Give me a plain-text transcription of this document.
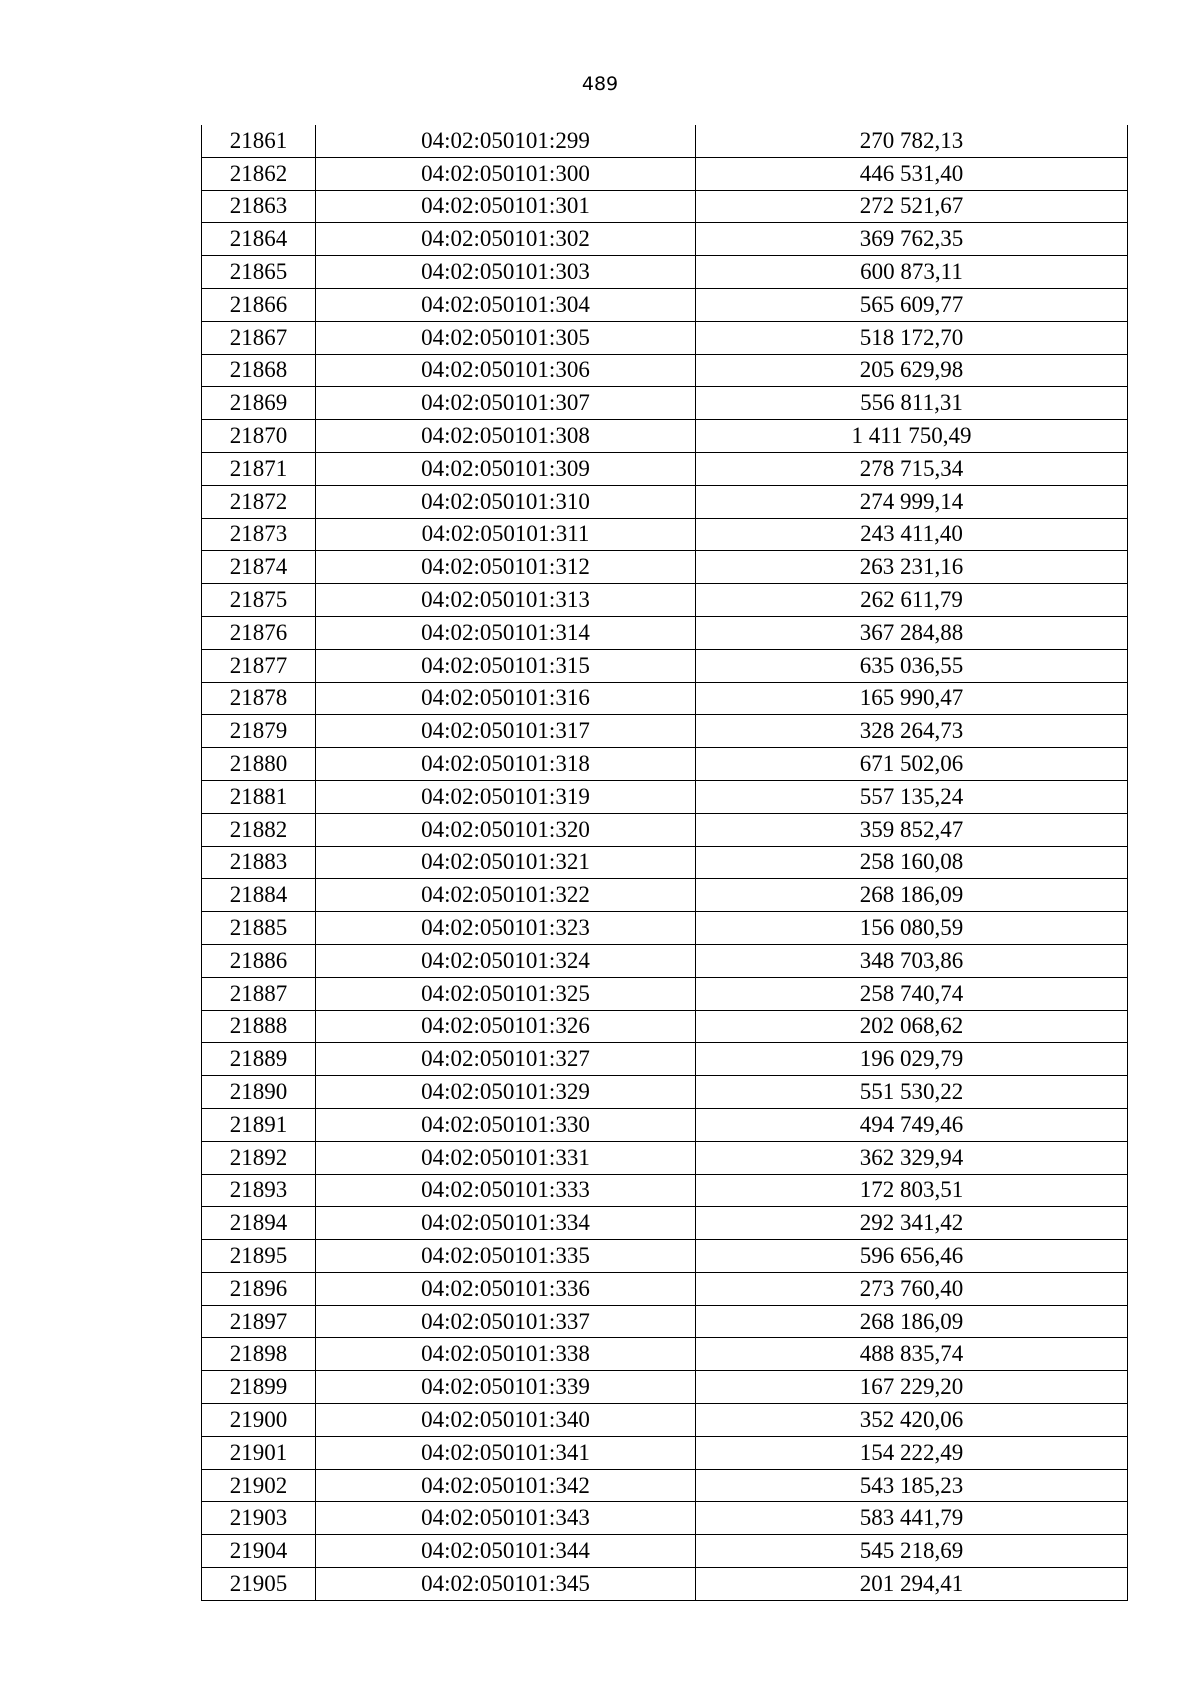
489
21861	04:02:050101:299	270 782,13
21862	04:02:050101:300	446 531,40
21863	04:02:050101:301	272 521,67
21864	04:02:050101:302	369 762,35
21865	04:02:050101:303	600 873,11
21866	04:02:050101:304	565 609,77
21867	04:02:050101:305	518 172,70
21868	04:02:050101:306	205 629,98
21869	04:02:050101:307	556 811,31
21870	04:02:050101:308	1 411 750,49
21871	04:02:050101:309	278 715,34
21872	04:02:050101:310	274 999,14
21873	04:02:050101:311	243 411,40
21874	04:02:050101:312	263 231,16
21875	04:02:050101:313	262 611,79
21876	04:02:050101:314	367 284,88
21877	04:02:050101:315	635 036,55
21878	04:02:050101:316	165 990,47
21879	04:02:050101:317	328 264,73
21880	04:02:050101:318	671 502,06
21881	04:02:050101:319	557 135,24
21882	04:02:050101:320	359 852,47
21883	04:02:050101:321	258 160,08
21884	04:02:050101:322	268 186,09
21885	04:02:050101:323	156 080,59
21886	04:02:050101:324	348 703,86
21887	04:02:050101:325	258 740,74
21888	04:02:050101:326	202 068,62
21889	04:02:050101:327	196 029,79
21890	04:02:050101:329	551 530,22
21891	04:02:050101:330	494 749,46
21892	04:02:050101:331	362 329,94
21893	04:02:050101:333	172 803,51
21894	04:02:050101:334	292 341,42
21895	04:02:050101:335	596 656,46
21896	04:02:050101:336	273 760,40
21897	04:02:050101:337	268 186,09
21898	04:02:050101:338	488 835,74
21899	04:02:050101:339	167 229,20
21900	04:02:050101:340	352 420,06
21901	04:02:050101:341	154 222,49
21902	04:02:050101:342	543 185,23
21903	04:02:050101:343	583 441,79
21904	04:02:050101:344	545 218,69
21905	04:02:050101:345	201 294,41
